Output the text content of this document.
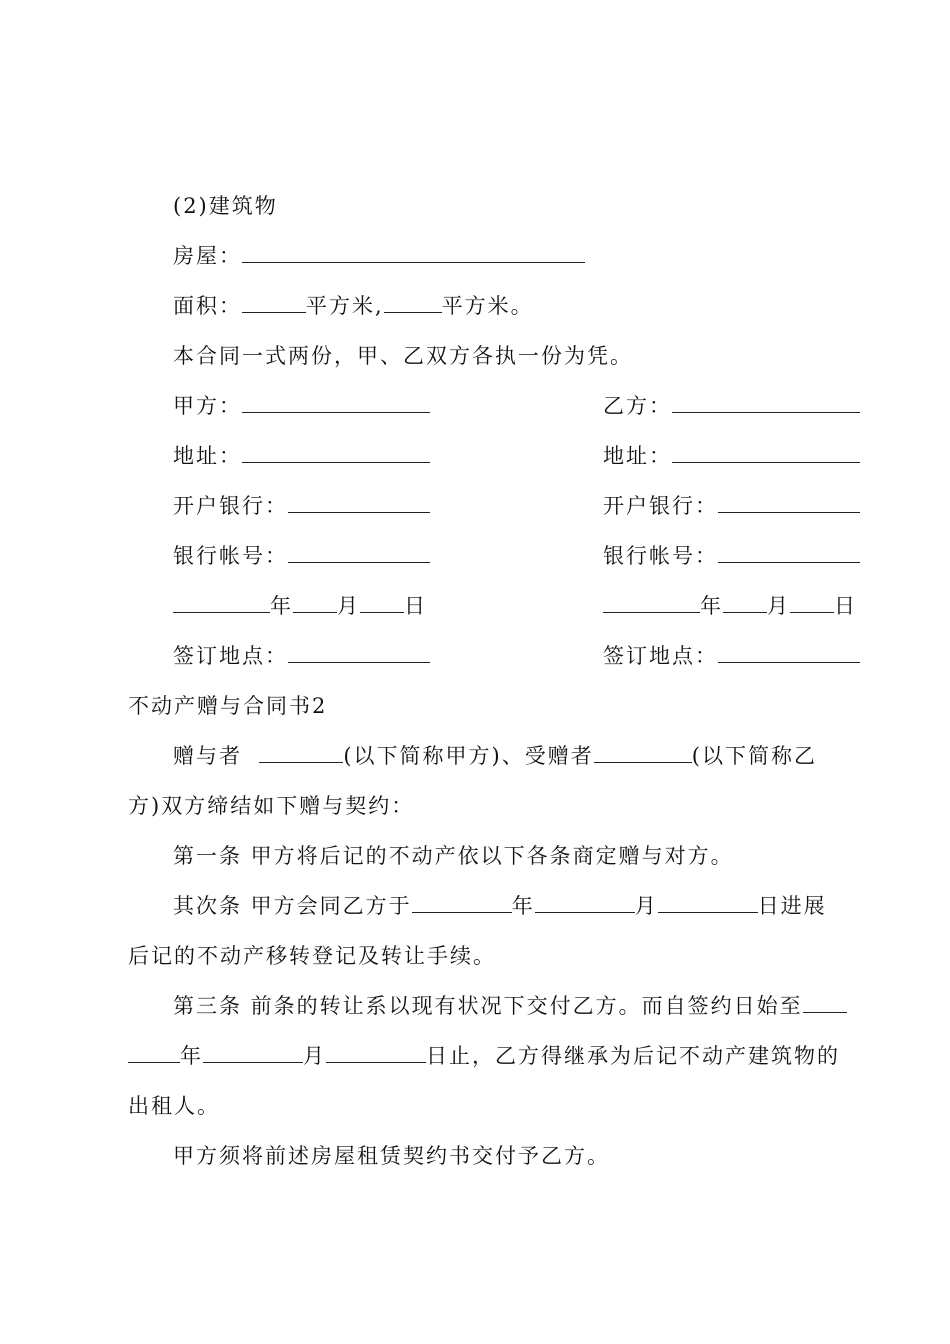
(2)建筑物
房屋：
面积：	平方米,	平方米。
本合同一式两份，甲、乙双方各执一份为凭。
甲方：	乙方：
地址：	地址：
开户银行：	开户银行：
银行帐号：	银行帐号：
年 月 日	年 月 日
签订地点：	签订地点：
不动产赠与合同书2
赠与者	(以下简称甲方)、受赠者	(以下简称乙
方)双方缔结如下赠与契约：
第一条 甲方将后记的不动产依以下各条商定赠与对方。
其次条 甲方会同乙方于	年	月	日进展
后记的不动产移转登记及转让手续。
第三条 前条的转让系以现有状况下交付乙方。而自签约日始至
年	月	日止，乙方得继承为后记不动产建筑物的
出租人。
甲方须将前述房屋租赁契约书交付予乙方。
